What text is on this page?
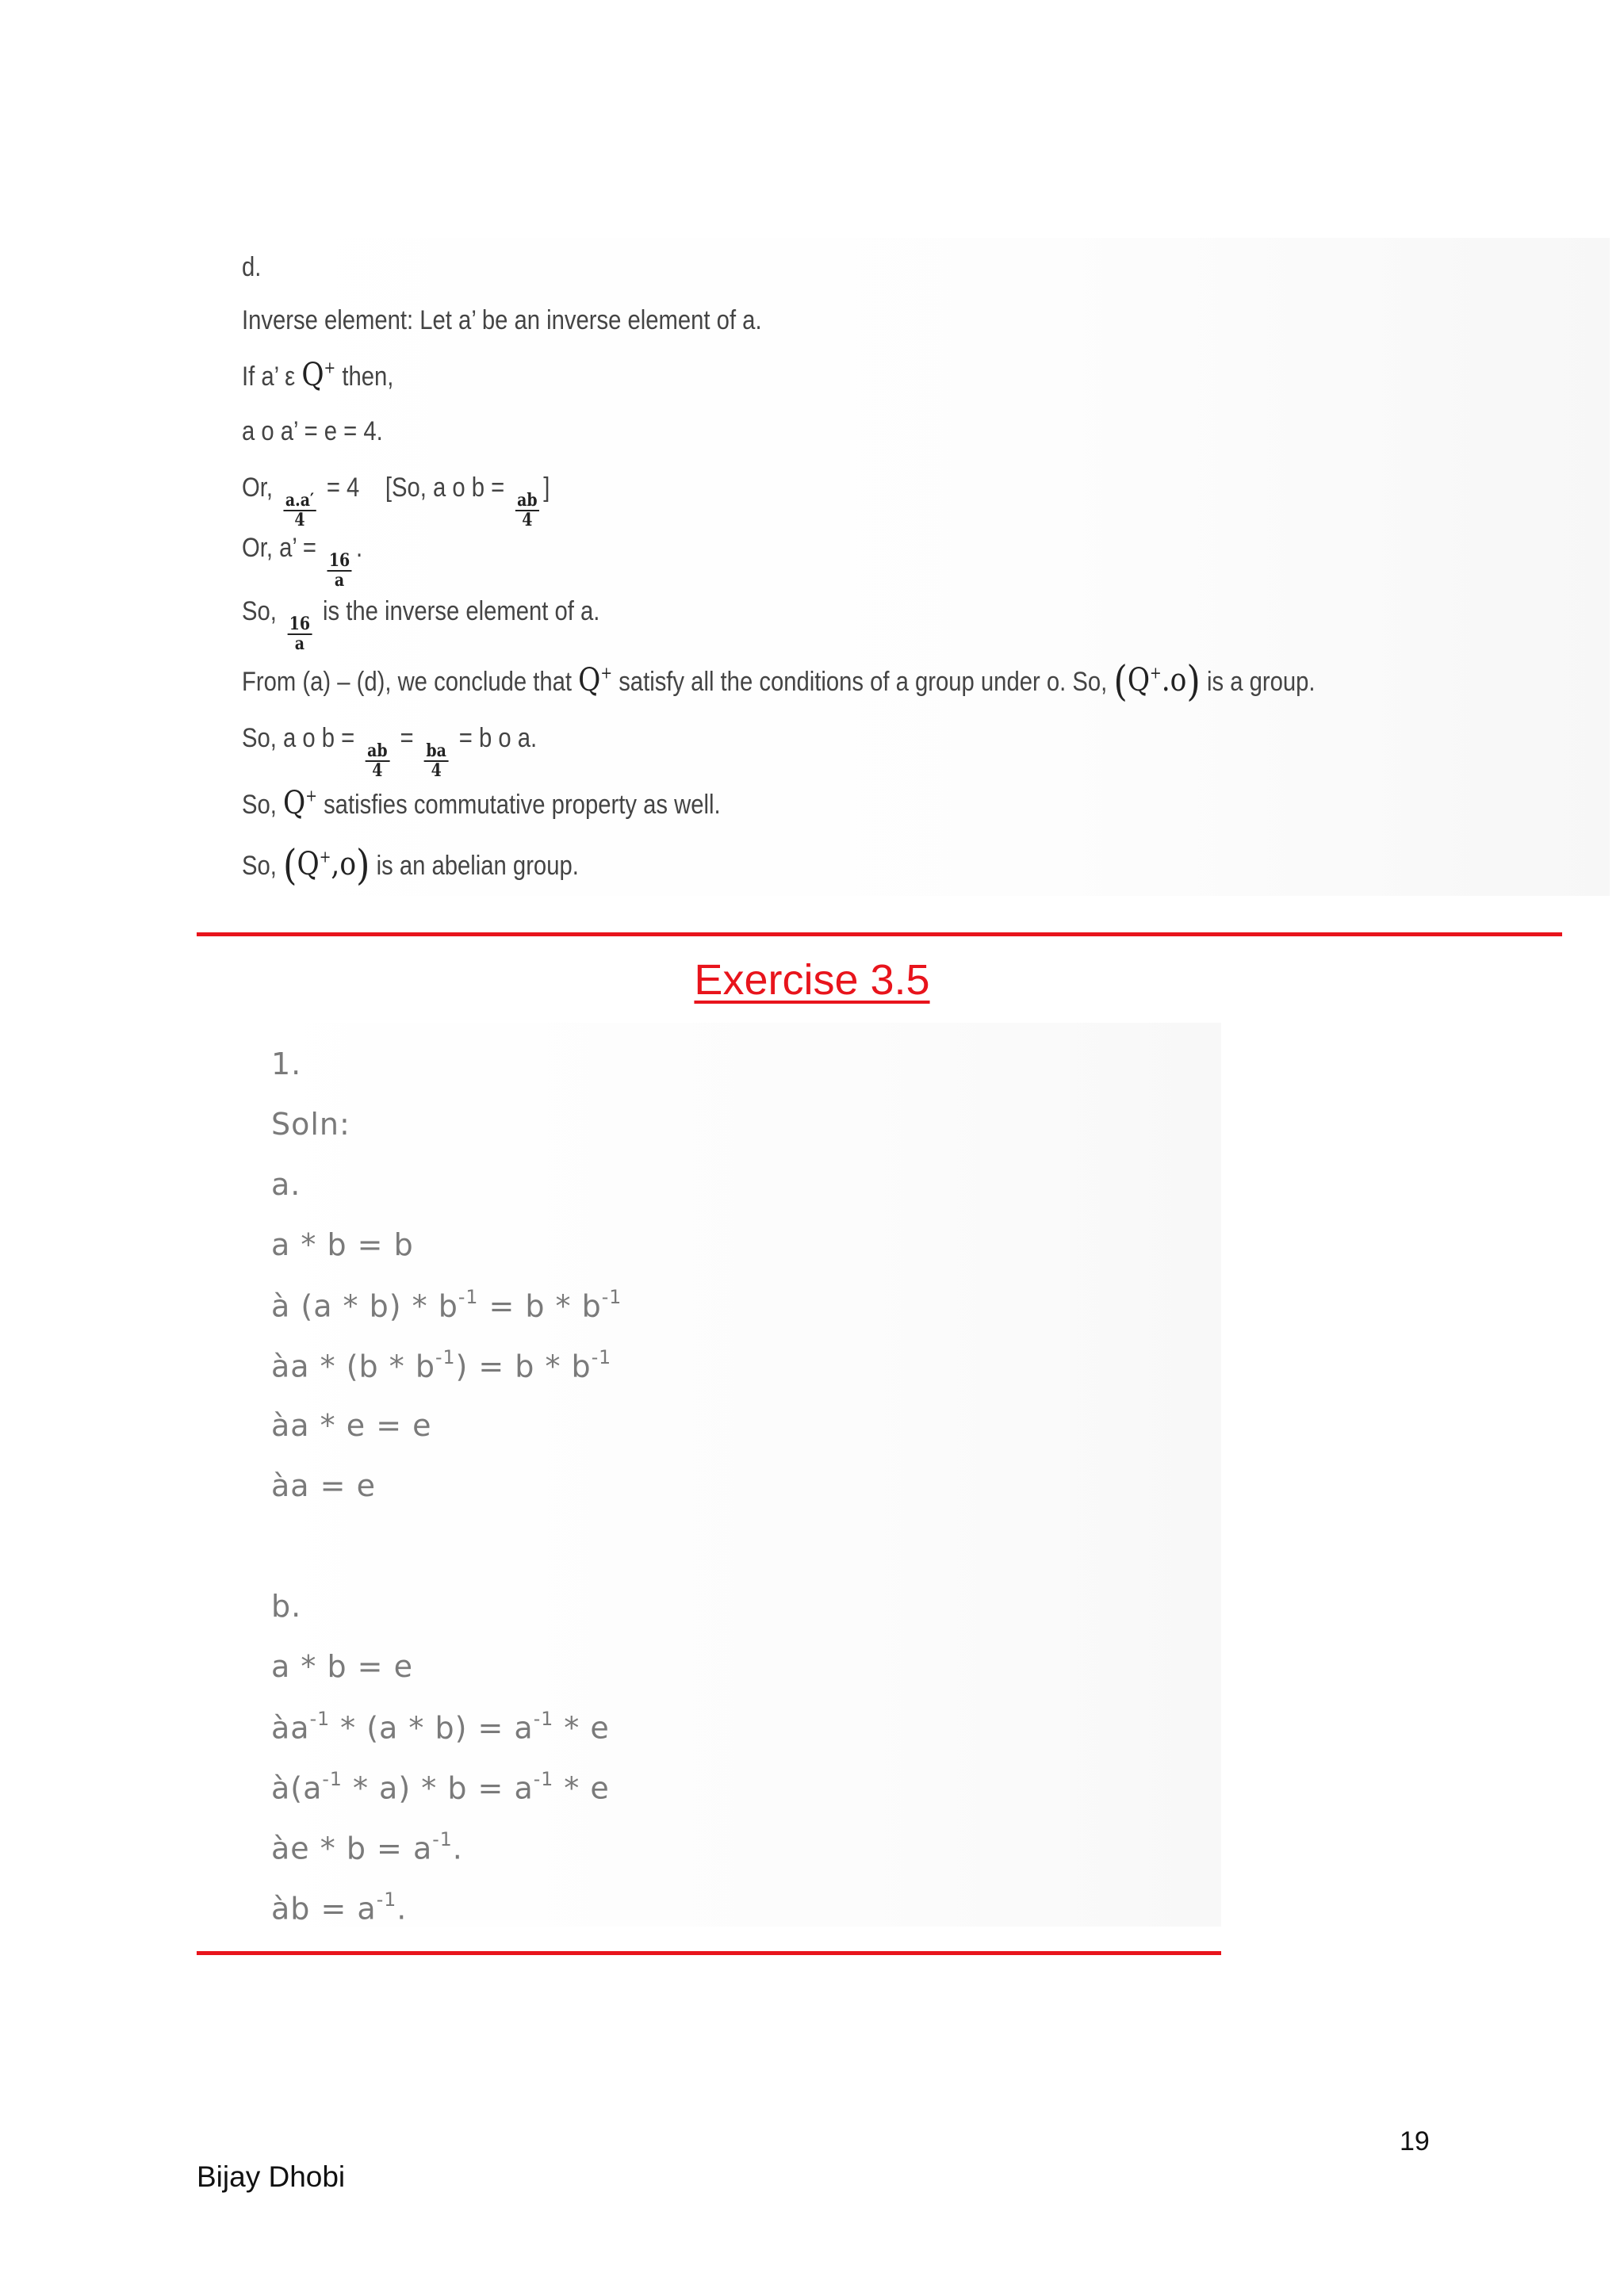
d.
Inverse element: Let a’ be an inverse element of a.
If a’ ε Q+ then,
a o a’ = e = 4.
Or,
$\frac{a.a'}{4}$
= 4 [So, a o b =
$\frac{ab}{4}$
]
Or, a’ =
$\frac{16}{a}$
.
So,
$\frac{16}{a}$
is the inverse element of a.
From (a) – (d), we conclude that Q+ satisfy all the conditions of a group under o. So, (Q+.o) is a group.
So, a o b =
$\frac{ab}{4}$
=
$\frac{ba}{4}$
= b o a.
So, Q+ satisfies commutative property as well.
So, (Q+,o) is an abelian group.
Exercise 3.5
1.
Soln:
a.
a * b = b
à $(a * b) * b^{-1} = b * b^{-1}$
àa * $(b * b^{-1}) = b * b^{-1}$
àa * e = e
àa = e
b.
a * b = e
$àa^{-1} * (a * b) = a^{-1} * e$
$à(a^{-1} * a) * b = a^{-1} * e$
àe * $b = a^{-1}$.
àb = $a^{-1}$.
19
Bijay Dhobi
